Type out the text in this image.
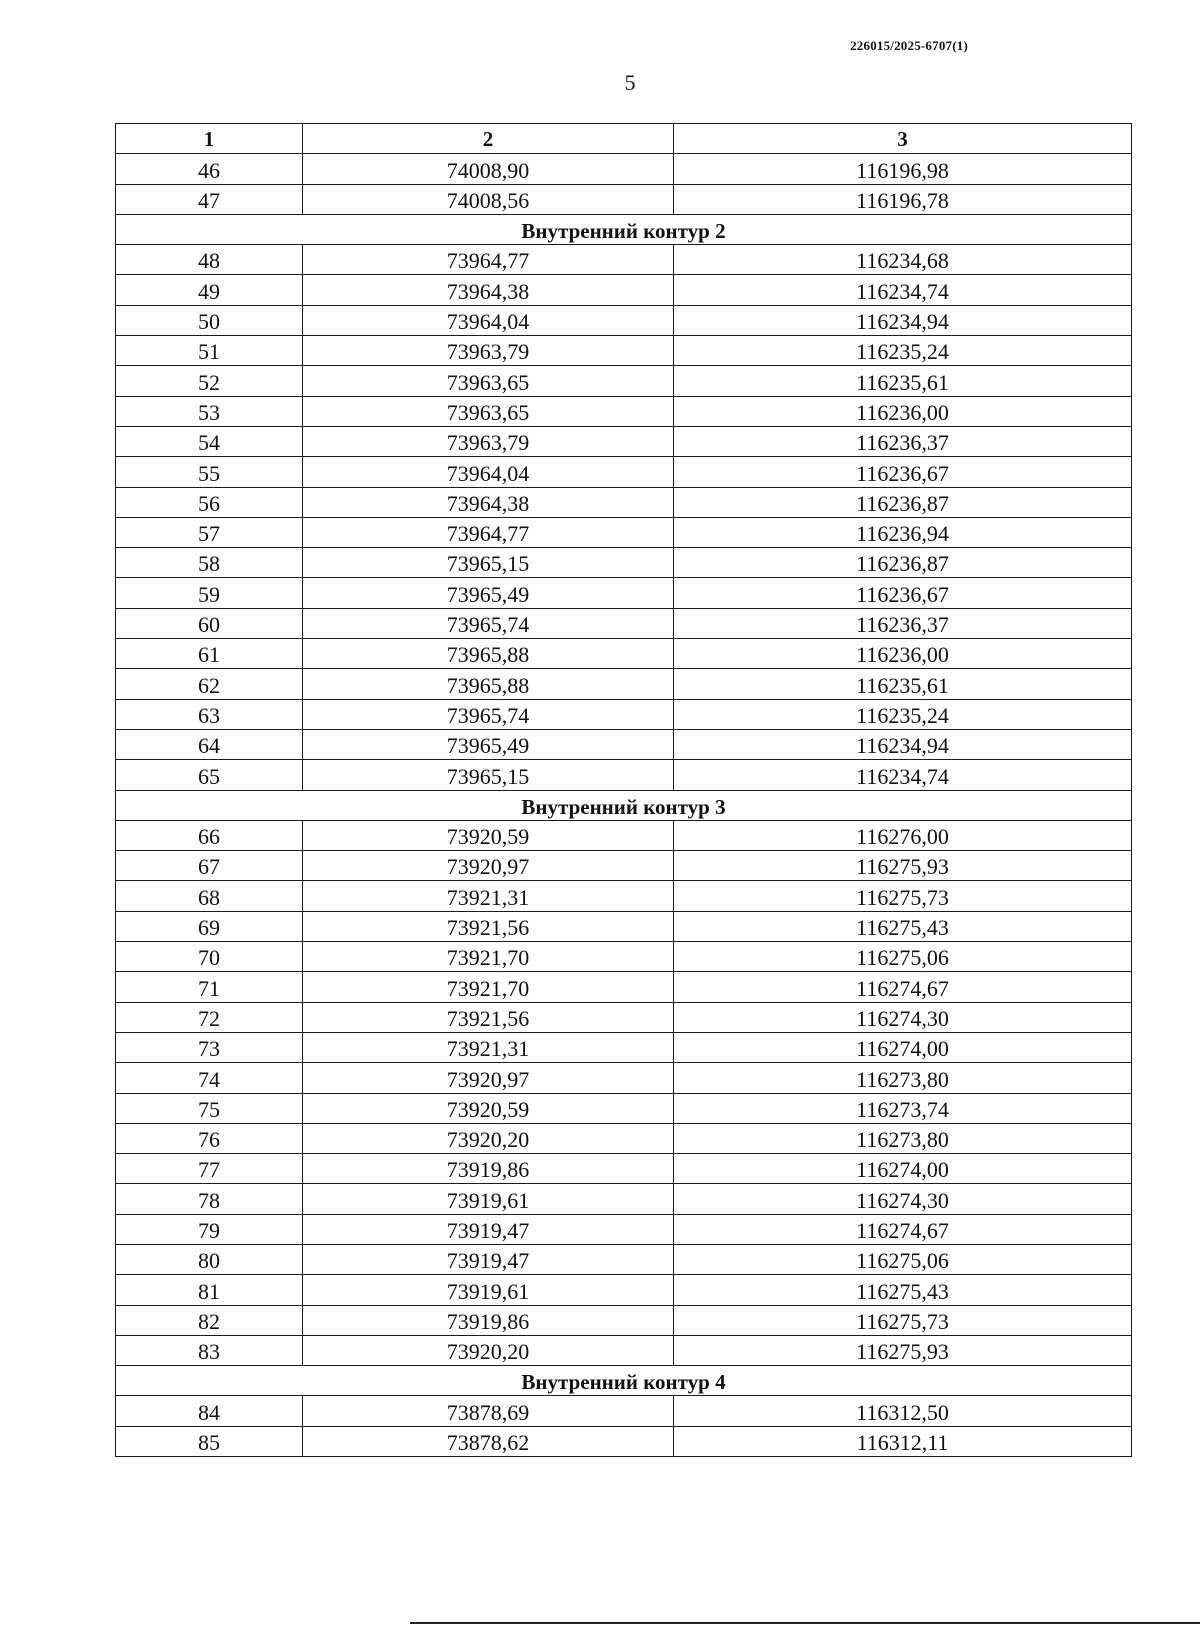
226015/2025-6707(1)
5
1	2	3
46	74008,90	116196,98
47	74008,56	116196,78
Внутренний контур 2		
48	73964,77	116234,68
49	73964,38	116234,74
50	73964,04	116234,94
51	73963,79	116235,24
52	73963,65	116235,61
53	73963,65	116236,00
54	73963,79	116236,37
55	73964,04	116236,67
56	73964,38	116236,87
57	73964,77	116236,94
58	73965,15	116236,87
59	73965,49	116236,67
60	73965,74	116236,37
61	73965,88	116236,00
62	73965,88	116235,61
63	73965,74	116235,24
64	73965,49	116234,94
65	73965,15	116234,74
Внутренний контур 3		
66	73920,59	116276,00
67	73920,97	116275,93
68	73921,31	116275,73
69	73921,56	116275,43
70	73921,70	116275,06
71	73921,70	116274,67
72	73921,56	116274,30
73	73921,31	116274,00
74	73920,97	116273,80
75	73920,59	116273,74
76	73920,20	116273,80
77	73919,86	116274,00
78	73919,61	116274,30
79	73919,47	116274,67
80	73919,47	116275,06
81	73919,61	116275,43
82	73919,86	116275,73
83	73920,20	116275,93
Внутренний контур 4		
84	73878,69	116312,50
85	73878,62	116312,11
